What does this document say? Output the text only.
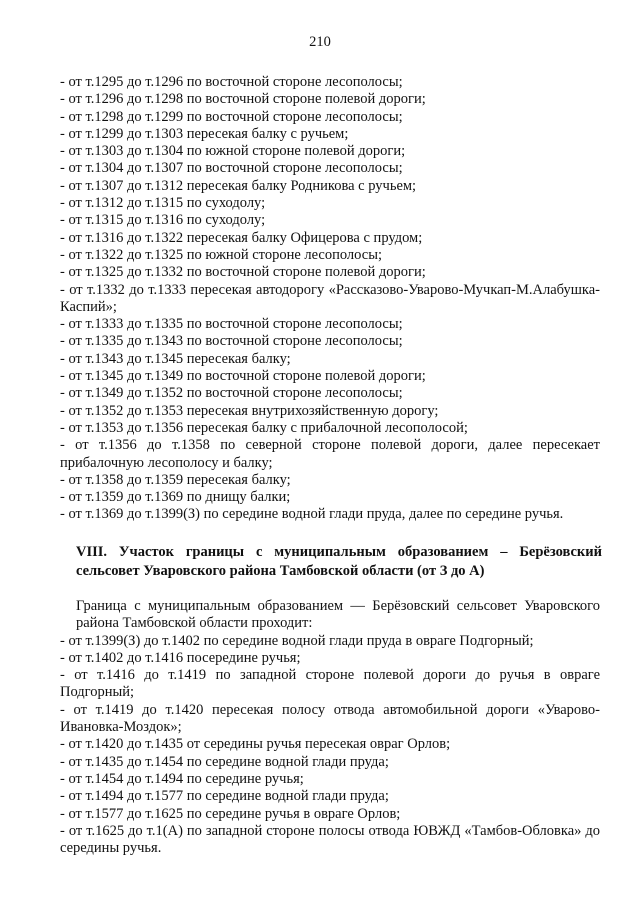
210

- от т.1295 до т.1296 по восточной стороне лесополосы;

- от т.1296 до т.1298 по восточной стороне полевой дороги;

- от т.1298 до т.1299 по восточной стороне лесополосы;

- от т.1299 до т.1303 пересекая балку с ручьем;

- от т.1303 до т.1304 по южной стороне полевой дороги;

- от т.1304 до т.1307 по восточной стороне лесополосы;

- от т.1307 до т.1312 пересекая балку Родникова с ручьем;

- от т.1312 до т.1315 по суходолу;

- от т.1315 до т.1316 по суходолу;

- от т.1316 до т.1322 пересекая балку Офицерова с прудом;

- от т.1322 до т.1325 по южной стороне лесополосы;

- от т.1325 до т.1332 по восточной стороне полевой дороги;

- от т.1332 до т.1333 пересекая автодорогу «Рассказово-Уварово-Мучкап-М.Алабушка-Каспий»;

- от т.1333 до т.1335 по восточной стороне лесополосы;

- от т.1335 до т.1343 по восточной стороне лесополосы;

- от т.1343 до т.1345 пересекая балку;

- от т.1345 до т.1349 по восточной стороне полевой дороги;

- от т.1349 до т.1352 по восточной стороне лесополосы;

- от т.1352 до т.1353 пересекая внутрихозяйственную дорогу;

- от т.1353 до т.1356 пересекая балку с прибалочной лесополосой;

- от т.1356 до т.1358 по северной стороне полевой дороги, далее пересекает прибалочную лесополосу и балку;

- от т.1358 до т.1359 пересекая балку;

- от т.1359 до т.1369 по днищу балки;

- от т.1369 до т.1399(З) по середине водной глади пруда, далее по середине ручья.

VIII. Участок границы с муниципальным образованием – Берёзовский сельсовет Уваровского района Тамбовской области (от З до А)

Граница с муниципальным образованием — Берёзовский сельсовет Уваровского района Тамбовской области проходит:

- от т.1399(З) до т.1402 по середине водной глади пруда в овраге Подгорный;

- от т.1402 до т.1416 посередине ручья;

- от т.1416 до т.1419 по западной стороне полевой дороги до ручья в овраге Подгорный;

- от т.1419 до т.1420 пересекая полосу отвода автомобильной дороги «Уварово-Ивановка-Моздок»;

- от т.1420 до т.1435 от середины ручья пересекая овраг Орлов;

- от т.1435 до т.1454 по середине водной глади пруда;

- от т.1454 до т.1494 по середине ручья;

- от т.1494 до т.1577 по середине водной глади пруда;

- от т.1577 до т.1625 по середине ручья в овраге Орлов;

- от т.1625 до т.1(А) по западной стороне полосы отвода ЮВЖД «Тамбов-Обловка» до середины ручья.
